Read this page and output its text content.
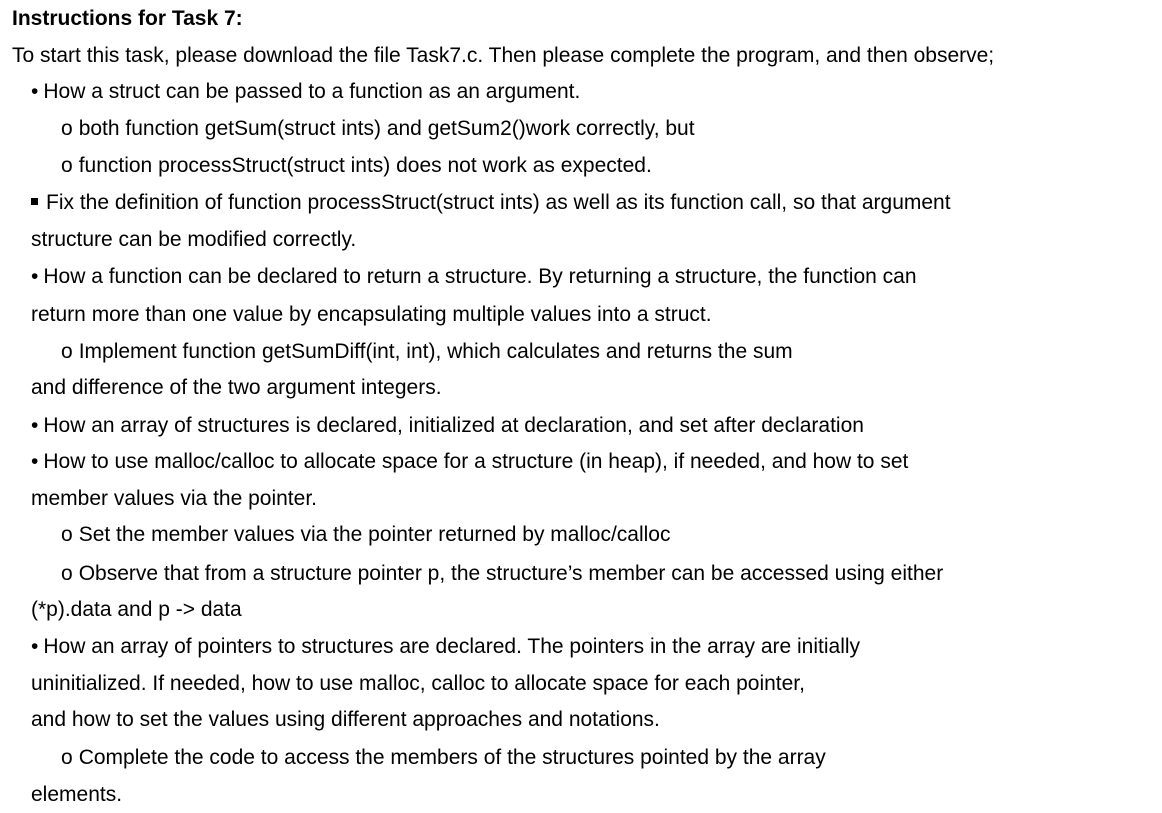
Instructions for Task 7:
To start this task, please download the file Task7.c. Then please complete the program, and then observe;
• How a struct can be passed to a function as an argument.
o both function getSum(struct ints) and getSum2()work correctly, but
o function processStruct(struct ints) does not work as expected.
Fix the definition of function processStruct(struct ints) as well as its function call, so that argument
structure can be modified correctly.
• How a function can be declared to return a structure. By returning a structure, the function can
return more than one value by encapsulating multiple values into a struct.
o Implement function getSumDiff(int, int), which calculates and returns the sum
and difference of the two argument integers.
• How an array of structures is declared, initialized at declaration, and set after declaration
• How to use malloc/calloc to allocate space for a structure (in heap), if needed, and how to set
member values via the pointer.
o Set the member values via the pointer returned by malloc/calloc
o Observe that from a structure pointer p, the structure’s member can be accessed using either
(*p).data and p -> data
• How an array of pointers to structures are declared. The pointers in the array are initially
uninitialized. If needed, how to use malloc, calloc to allocate space for each pointer,
and how to set the values using different approaches and notations.
o Complete the code to access the members of the structures pointed by the array
elements.
